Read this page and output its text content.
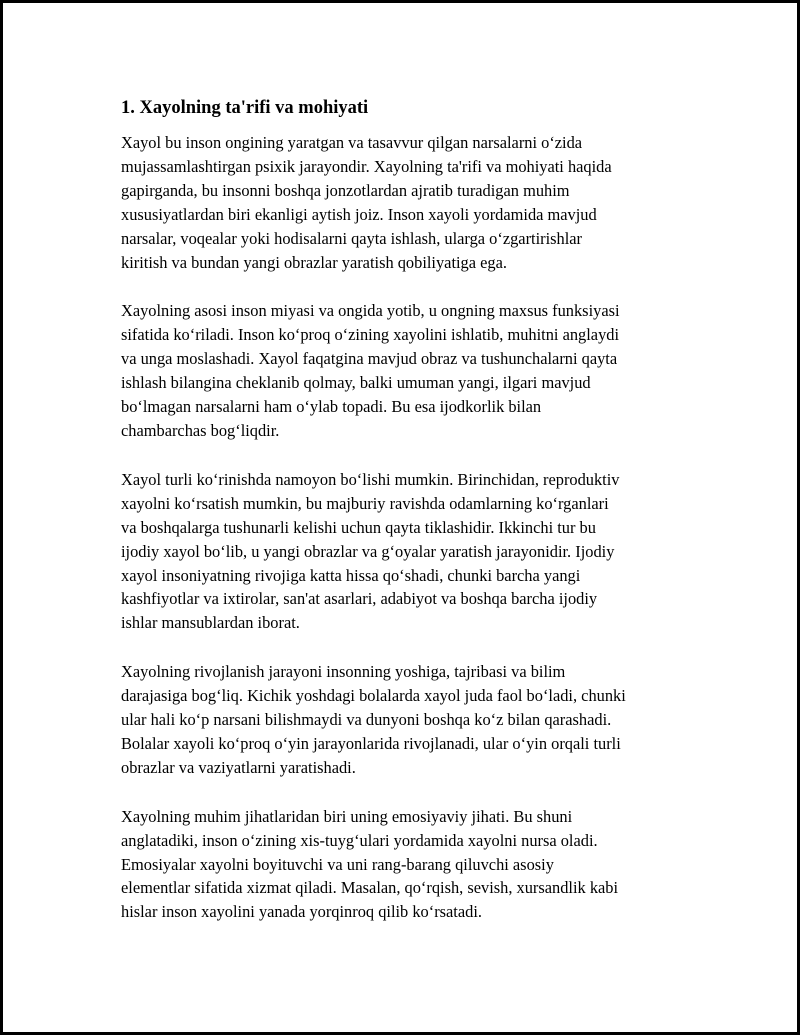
1. Xayolning ta'rifi va mohiyati

Xayol bu inson ongining yaratgan va tasavvur qilgan narsalarni o‘zida
mujassamlashtirgan psixik jarayondir. Xayolning ta'rifi va mohiyati haqida
gapirganda, bu insonni boshqa jonzotlardan ajratib turadigan muhim
xususiyatlardan biri ekanligi aytish joiz. Inson xayoli yordamida mavjud
narsalar, voqealar yoki hodisalarni qayta ishlash, ularga o‘zgartirishlar
kiritish va bundan yangi obrazlar yaratish qobiliyatiga ega.

Xayolning asosi inson miyasi va ongida yotib, u ongning maxsus funksiyasi
sifatida ko‘riladi. Inson ko‘proq o‘zining xayolini ishlatib, muhitni anglaydi
va unga moslashadi. Xayol faqatgina mavjud obraz va tushunchalarni qayta
ishlash bilangina cheklanib qolmay, balki umuman yangi, ilgari mavjud
bo‘lmagan narsalarni ham o‘ylab topadi. Bu esa ijodkorlik bilan
chambarchas bog‘liqdir.

Xayol turli ko‘rinishda namoyon bo‘lishi mumkin. Birinchidan, reproduktiv
xayolni ko‘rsatish mumkin, bu majburiy ravishda odamlarning ko‘rganlari
va boshqalarga tushunarli kelishi uchun qayta tiklashidir. Ikkinchi tur bu
ijodiy xayol bo‘lib, u yangi obrazlar va g‘oyalar yaratish jarayonidir. Ijodiy
xayol insoniyatning rivojiga katta hissa qo‘shadi, chunki barcha yangi
kashfiyotlar va ixtirolar, san'at asarlari, adabiyot va boshqa barcha ijodiy
ishlar mansublardan iborat.

Xayolning rivojlanish jarayoni insonning yoshiga, tajribasi va bilim
darajasiga bog‘liq. Kichik yoshdagi bolalarda xayol juda faol bo‘ladi, chunki
ular hali ko‘p narsani bilishmaydi va dunyoni boshqa ko‘z bilan qarashadi.
Bolalar xayoli ko‘proq o‘yin jarayonlarida rivojlanadi, ular o‘yin orqali turli
obrazlar va vaziyatlarni yaratishadi.

Xayolning muhim jihatlaridan biri uning emosiyaviy jihati. Bu shuni
anglatadiki, inson o‘zining xis-tuyg‘ulari yordamida xayolni nursa oladi.
Emosiyalar xayolni boyituvchi va uni rang-barang qiluvchi asosiy
elementlar sifatida xizmat qiladi. Masalan, qo‘rqish, sevish, xursandlik kabi
hislar inson xayolini yanada yorqinroq qilib ko‘rsatadi.
